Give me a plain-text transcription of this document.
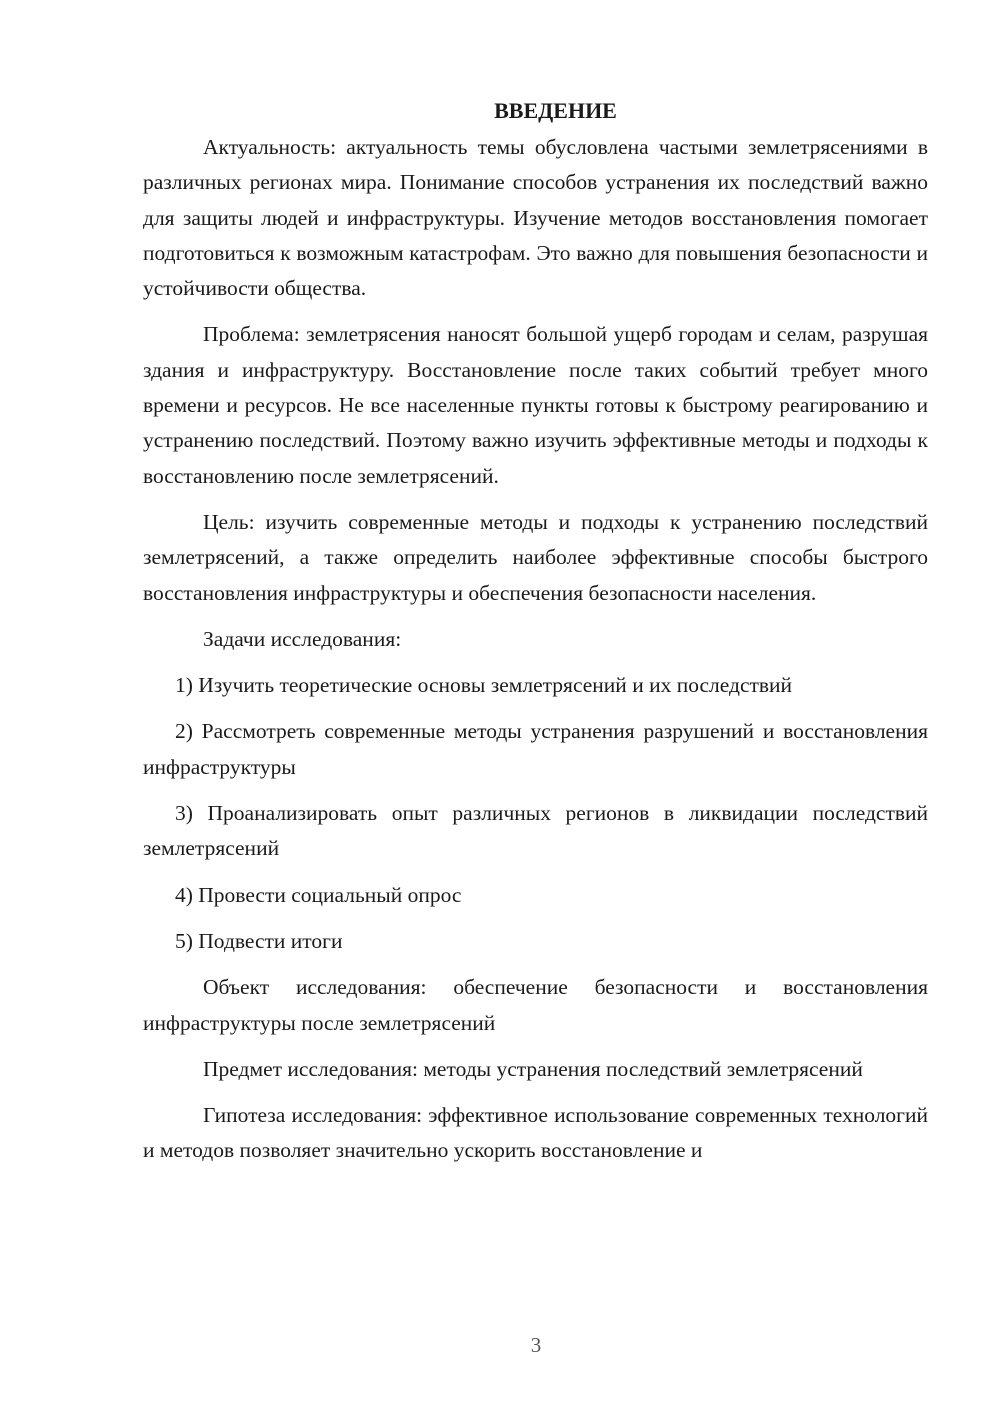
ВВЕДЕНИЕ

Актуальность: актуальность темы обусловлена частыми землетрясениями в различных регионах мира. Понимание способов устранения их последствий важно для защиты людей и инфраструктуры. Изучение методов восстановления помогает подготовиться к возможным катастрофам. Это важно для повышения безопасности и устойчивости общества.

Проблема: землетрясения наносят большой ущерб городам и селам, разрушая здания и инфраструктуру. Восстановление после таких событий требует много времени и ресурсов. Не все населенные пункты готовы к быстрому реагированию и устранению последствий. Поэтому важно изучить эффективные методы и подходы к восстановлению после землетрясений.

Цель: изучить современные методы и подходы к устранению последствий землетрясений, а также определить наиболее эффективные способы быстрого восстановления инфраструктуры и обеспечения безопасности населения.

Задачи исследования:

1) Изучить теоретические основы землетрясений и их последствий

2) Рассмотреть современные методы устранения разрушений и восстановления инфраструктуры

3) Проанализировать опыт различных регионов в ликвидации последствий землетрясений

4) Провести социальный опрос

5) Подвести итоги

Объект исследования: обеспечение безопасности и восстановления инфраструктуры после землетрясений

Предмет исследования: методы устранения последствий землетрясений

Гипотеза исследования: эффективное использование современных технологий и методов позволяет значительно ускорить восстановление и

3
